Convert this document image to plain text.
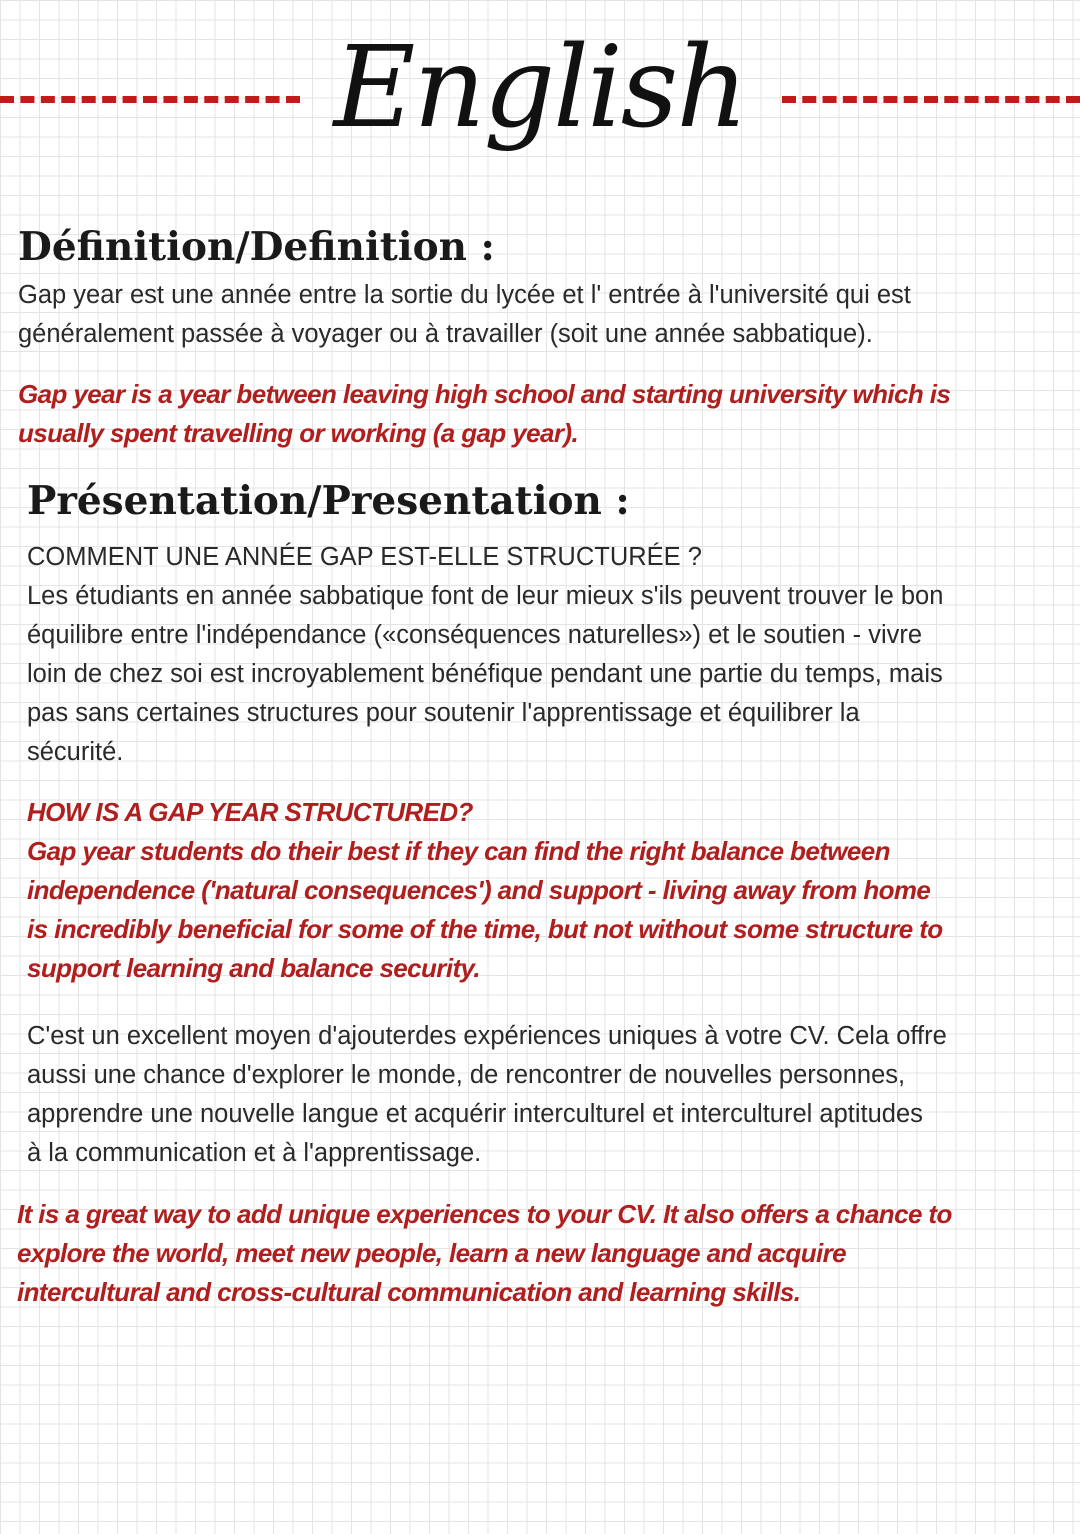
English
Définition/Definition :

Gap year est une année entre la sortie du lycée et l' entrée à l'université qui est
généralement passée à voyager ou à travailler (soit une année sabbatique).

Gap year is a year between leaving high school and starting university which is
usually spent travelling or working (a gap year).

Présentation/Presentation :

COMMENT UNE ANNÉE GAP EST-ELLE STRUCTURÉE ?
Les étudiants en année sabbatique font de leur mieux s'ils peuvent trouver le bon
équilibre entre l'indépendance («conséquences naturelles») et le soutien - vivre
loin de chez soi est incroyablement bénéfique pendant une partie du temps, mais
pas sans certaines structures pour soutenir l'apprentissage et équilibrer la
sécurité.

HOW IS A GAP YEAR STRUCTURED?
Gap year students do their best if they can find the right balance between
independence ('natural consequences') and support - living away from home
is incredibly beneficial for some of the time, but not without some structure to
support learning and balance security.

C'est un excellent moyen d'ajouterdes expériences uniques à votre CV. Cela offre
aussi une chance d'explorer le monde, de rencontrer de nouvelles personnes,
apprendre une nouvelle langue et acquérir interculturel et interculturel aptitudes
à la communication et à l'apprentissage.

It is a great way to add unique experiences to your CV. It also offers a chance to
explore the world, meet new people, learn a new language and acquire
intercultural and cross-cultural communication and learning skills.
